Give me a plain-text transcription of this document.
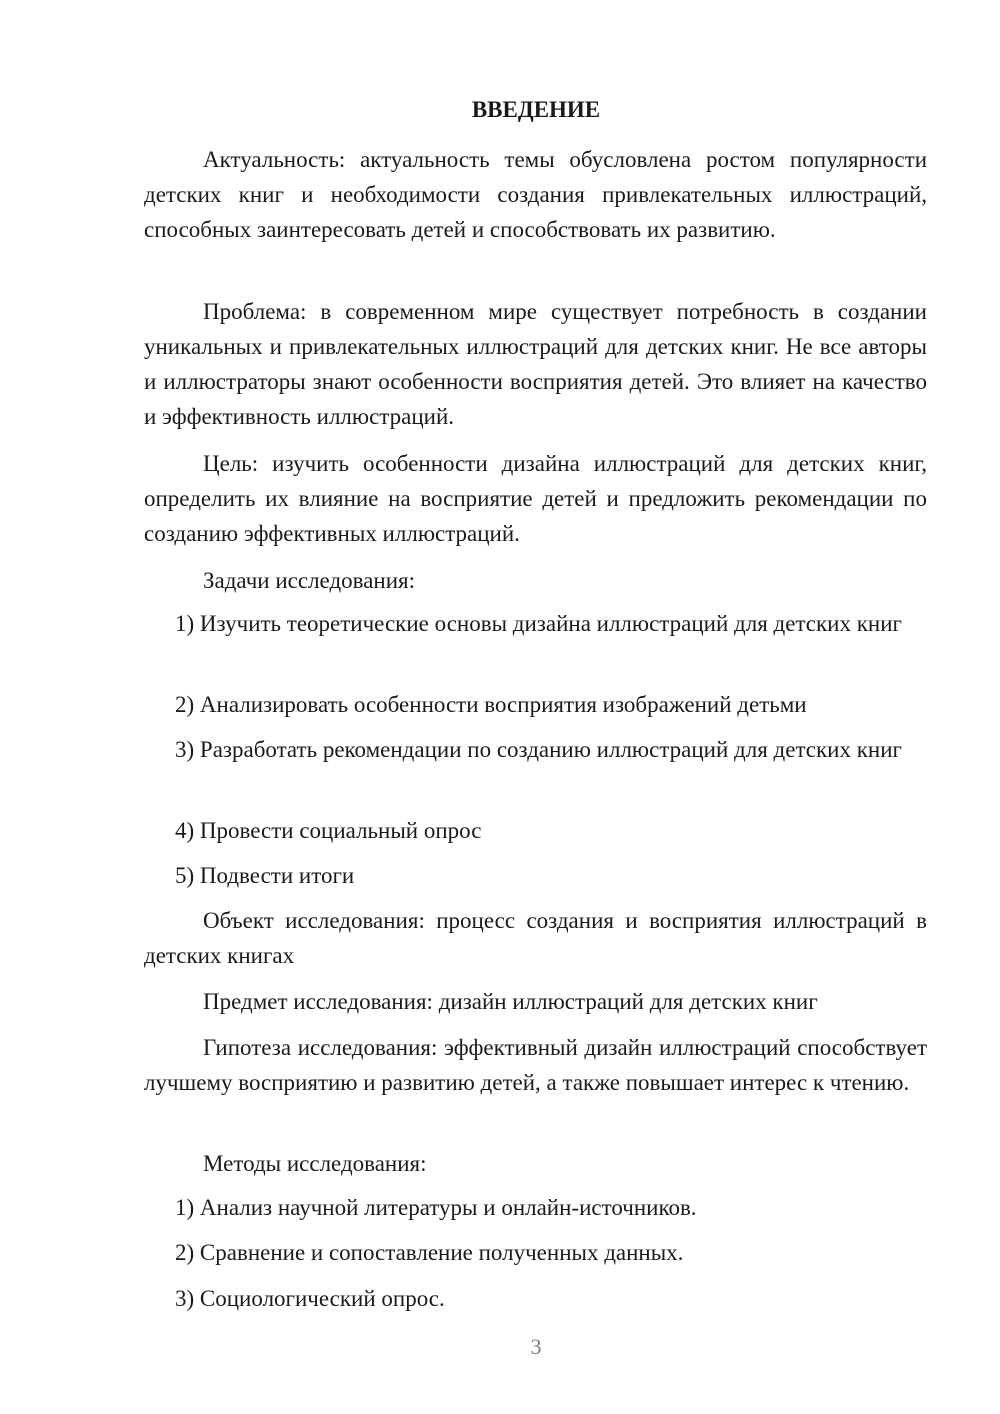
ВВЕДЕНИЕ

Актуальность: актуальность темы обусловлена ростом популярности детских книг и необходимости создания привлекательных иллюстраций, способных заинтересовать детей и способствовать их развитию.

Проблема: в современном мире существует потребность в создании уникальных и привлекательных иллюстраций для детских книг. Не все авторы и иллюстраторы знают особенности восприятия детей. Это влияет на качество и эффективность иллюстраций.

Цель: изучить особенности дизайна иллюстраций для детских книг, определить их влияние на восприятие детей и предложить рекомендации по созданию эффективных иллюстраций.

Задачи исследования:

1) Изучить теоретические основы дизайна иллюстраций для детских книг

2) Анализировать особенности восприятия изображений детьми

3) Разработать рекомендации по созданию иллюстраций для детских книг

4) Провести социальный опрос

5) Подвести итоги

Объект исследования: процесс создания и восприятия иллюстраций в детских книгах

Предмет исследования: дизайн иллюстраций для детских книг

Гипотеза исследования: эффективный дизайн иллюстраций способствует лучшему восприятию и развитию детей, а также повышает интерес к чтению.

Методы исследования:

1) Анализ научной литературы и онлайн-источников.

2) Сравнение и сопоставление полученных данных.

3) Социологический опрос.

3
